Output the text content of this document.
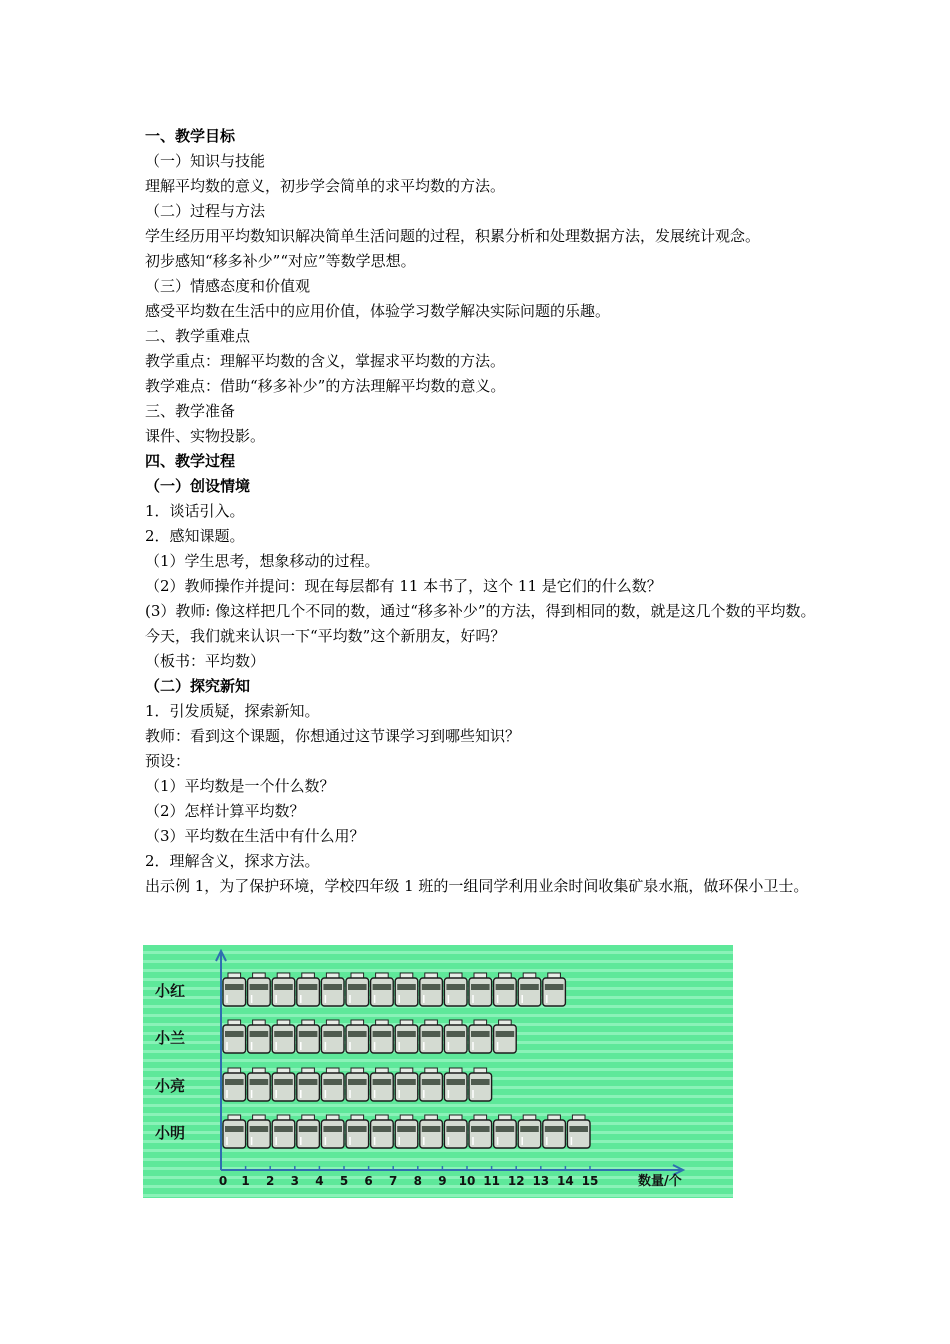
一、教学目标

（一）知识与技能

理解平均数的意义，初步学会简单的求平均数的方法。

（二）过程与方法

学生经历用平均数知识解决简单生活问题的过程，积累分析和处理数据方法，发展统计观念。

初步感知“移多补少”“对应”等数学思想。

（三）情感态度和价值观

感受平均数在生活中的应用价值，体验学习数学解决实际问题的乐趣。

二、教学重难点

教学重点：理解平均数的含义，掌握求平均数的方法。

教学难点：借助“移多补少”的方法理解平均数的意义。

三、教学准备

课件、实物投影。

四、教学过程

（一）创设情境

1．谈话引入。

2．感知课题。

（1）学生思考，想象移动的过程。

（2）教师操作并提问：现在每层都有 11 本书了，这个 11 是它们的什么数？

(3）教师: 像这样把几个不同的数，通过“移多补少”的方法，得到相同的数，就是这几个数的平均数。

今天，我们就来认识一下“平均数”这个新朋友，好吗？

（板书：平均数）

（二）探究新知

1．引发质疑，探索新知。

教师：看到这个课题，你想通过这节课学习到哪些知识？

预设：

（1）平均数是一个什么数？

（2）怎样计算平均数？

（3）平均数在生活中有什么用？

2．理解含义，探求方法。

出示例 1，为了保护环境，学校四年级 1 班的一组同学利用业余时间收集矿泉水瓶，做环保小卫士。

0 1 2 3 4 5 6 7 8 9 10 11 12 13 14 15	数量/个
小红
小兰
小亮
小明
